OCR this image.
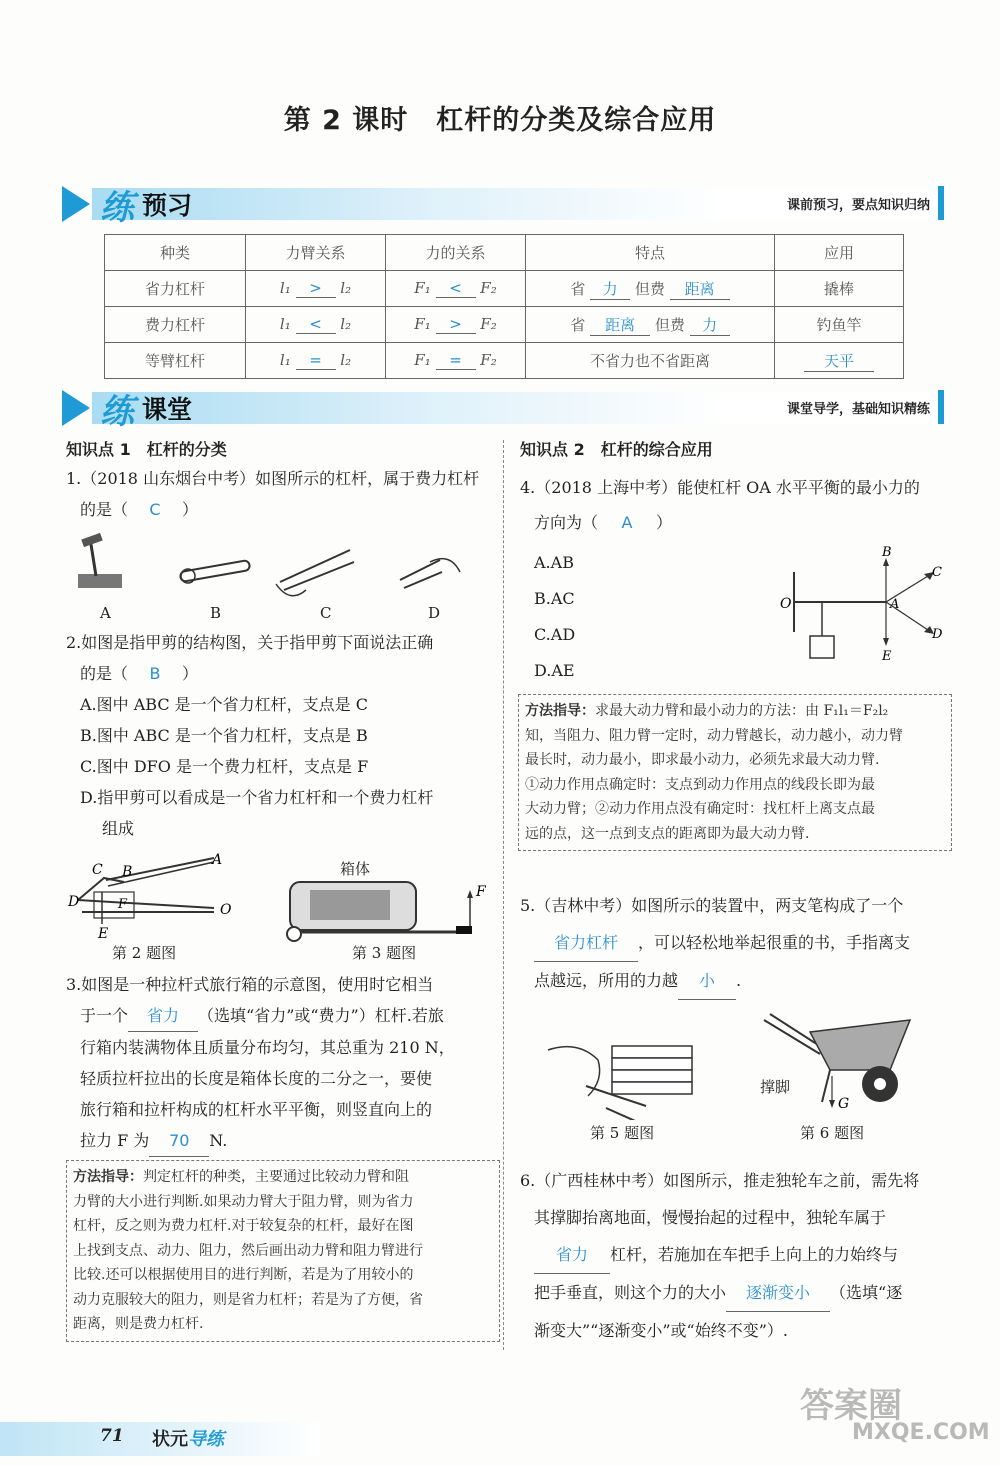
第 2 课时　杠杆的分类及综合应用
练 预习	课前预习，要点知识归纳
种类	力臂关系	力的关系	特点	应用
省力杠杆	l₁ > l₂	F₁ < F₂	省 力 但费 距离	撬棒
费力杠杆	l₁ < l₂	F₁ > F₂	省 距离 但费 力	钓鱼竿
等臂杠杆	l₁ = l₂	F₁ = F₂	不省力也不省距离	天平
练 课堂	课堂导学，基础知识精练
知识点 1　杠杆的分类
1.（2018 山东烟台中考）如图所示的杠杆，属于费力杠杆
的是（ C ）
A	B	C	D
2.如图是指甲剪的结构图，关于指甲剪下面说法正确
的是（ B ）
A.图中 ABC 是一个省力杠杆，支点是 C
B.图中 ABC 是一个省力杠杆，支点是 B
C.图中 DFO 是一个费力杠杆，支点是 F
D.指甲剪可以看成是一个省力杠杆和一个费力杠杆
组成
C B
A
D	F	O
E
第 2 题图
F
箱体
第 3 题图
3.如图是一种拉杆式旅行箱的示意图，使用时它相当
于一个 省力 （选填“省力”或“费力”）杠杆.若旅
行箱内装满物体且质量分布均匀，其总重为 210 N，
轻质拉杆拉出的长度是箱体长度的二分之一，要使
旅行箱和拉杆构成的杠杆水平平衡，则竖直向上的
拉力 F 为 70 N.
方法指导：判定杠杆的种类，主要通过比较动力臂和阻
力臂的大小进行判断.如果动力臂大于阻力臂，则为省力
杠杆，反之则为费力杠杆.对于较复杂的杠杆，最好在图
上找到支点、动力、阻力，然后画出动力臂和阻力臂进行
比较.还可以根据使用目的进行判断，若是为了用较小的
动力克服较大的阻力，则是省力杠杆；若是为了方便，省
距离，则是费力杠杆.
知识点 2　杠杆的综合应用
4.（2018 上海中考）能使杠杆 OA 水平平衡的最小力的
方向为（ A ）
A.AB
B.AC
C.AD
D.AE
O	A
B
C
D
E
方法指导：求最大动力臂和最小动力的方法：由 F₁l₁＝F₂l₂
知，当阻力、阻力臂一定时，动力臂越长，动力越小，动力臂
最长时，动力最小，即求最小动力，必须先求最大动力臂.
①动力作用点确定时：支点到动力作用点的线段长即为最
大动力臂；②动力作用点没有确定时：找杠杆上离支点最
远的点，这一点到支点的距离即为最大动力臂.
5.（吉林中考）如图所示的装置中，两支笔构成了一个
省力杠杆 ，可以轻松地举起很重的书，手指离支
点越远，所用的力越 小 .
第 5 题图
G
撑脚
第 6 题图
6.（广西桂林中考）如图所示，推走独轮车之前，需先将
其撑脚抬离地面，慢慢抬起的过程中，独轮车属于
省力 杠杆，若施加在车把手上向上的力始终与
把手垂直，则这个力的大小 逐渐变小 （选填“逐
渐变大”“逐渐变小”或“始终不变”）.
71 状元导练
答案圈
MXQE.COM
